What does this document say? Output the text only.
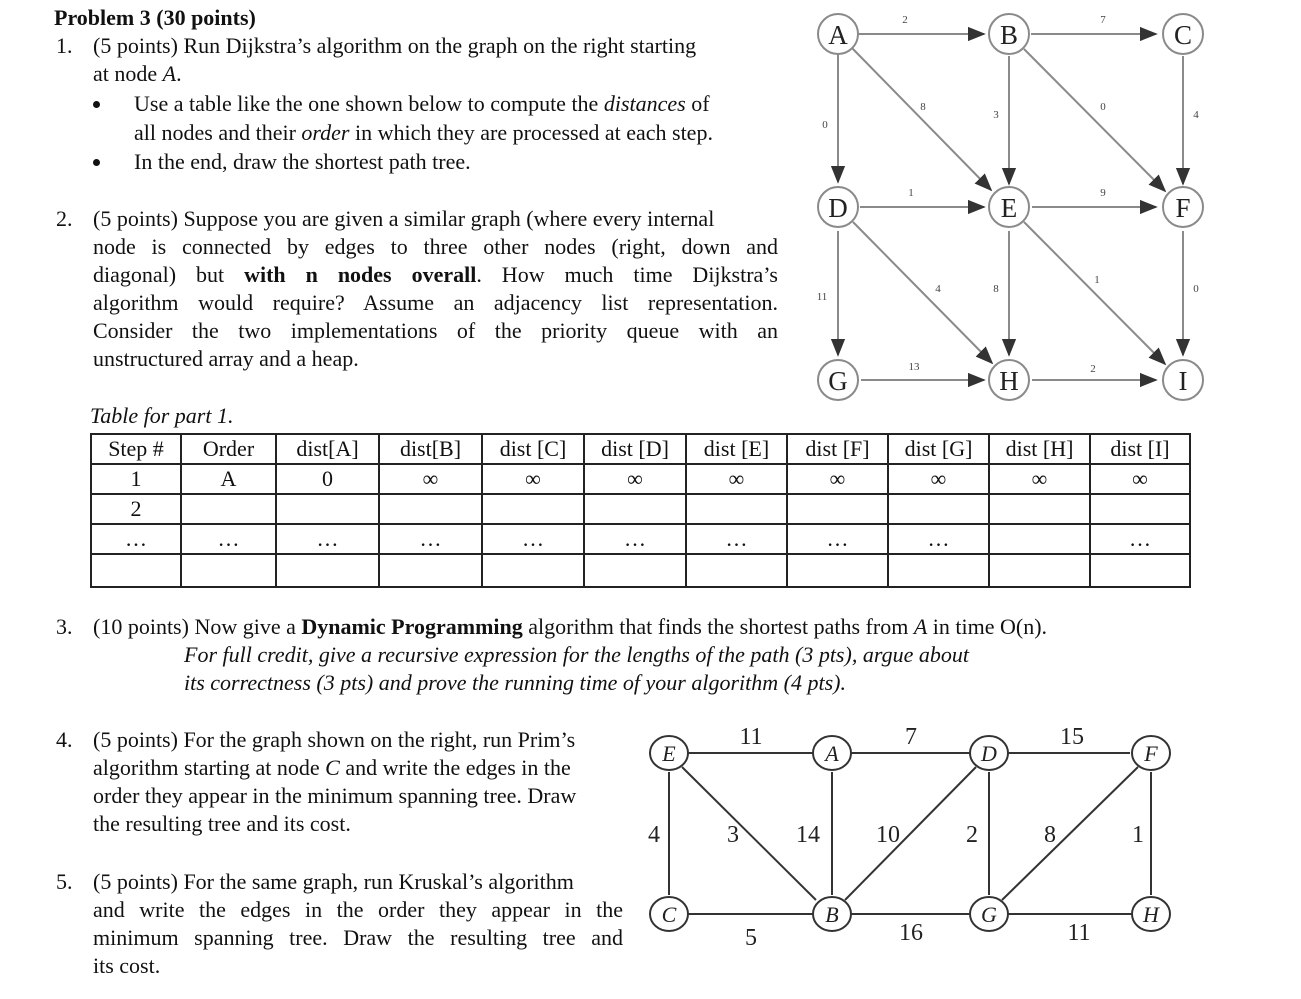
Problem 3 (30 points)
1. (5 points) Run Dijkstra’s algorithm on the graph on the right starting
at node A.
Use a table like the one shown below to compute the distances of
all nodes and their order in which they are processed at each step.
In the end, draw the shortest path tree.
2. (5 points) Suppose you are given a similar graph (where every internal
node is connected by edges to three other nodes (right, down and
diagonal) but with n nodes overall. How much time Dijkstra’s
algorithm would require? Assume an adjacency list representation.
Consider the two implementations of the priority queue with an
unstructured array and a heap.
Table for part 1.
Step #	Order	dist[A]	dist[B]	dist [C]	dist [D]	dist [E]	dist [F]	dist [G]	dist [H]	dist [I]
1	A	0	∞	∞	∞	∞	∞	∞	∞	∞
2										
…	…	…	…	…	…	…	…	…		…

3. (10 points) Now give a Dynamic Programming algorithm that finds the shortest paths from A in time O(n).
For full credit, give a recursive expression for the lengths of the path (3 pts), argue about
its correctness (3 pts) and prove the running time of your algorithm (4 pts).
4. (5 points) For the graph shown on the right, run Prim’s
algorithm starting at node C and write the edges in the
order they appear in the minimum spanning tree. Draw
the resulting tree and its cost.
5. (5 points) For the same graph, run Kruskal’s algorithm
and write the edges in the order they appear in the
minimum spanning tree. Draw the resulting tree and
its cost.
2	7
0
8
3
0
4
1	9
11
4	8
1
0
13	2
A	B	C
D	E	F
G	H	I
11	7	15
4	3 14 10	2	8	1
5	16	11
E	A	D	F
C	B	G	H
